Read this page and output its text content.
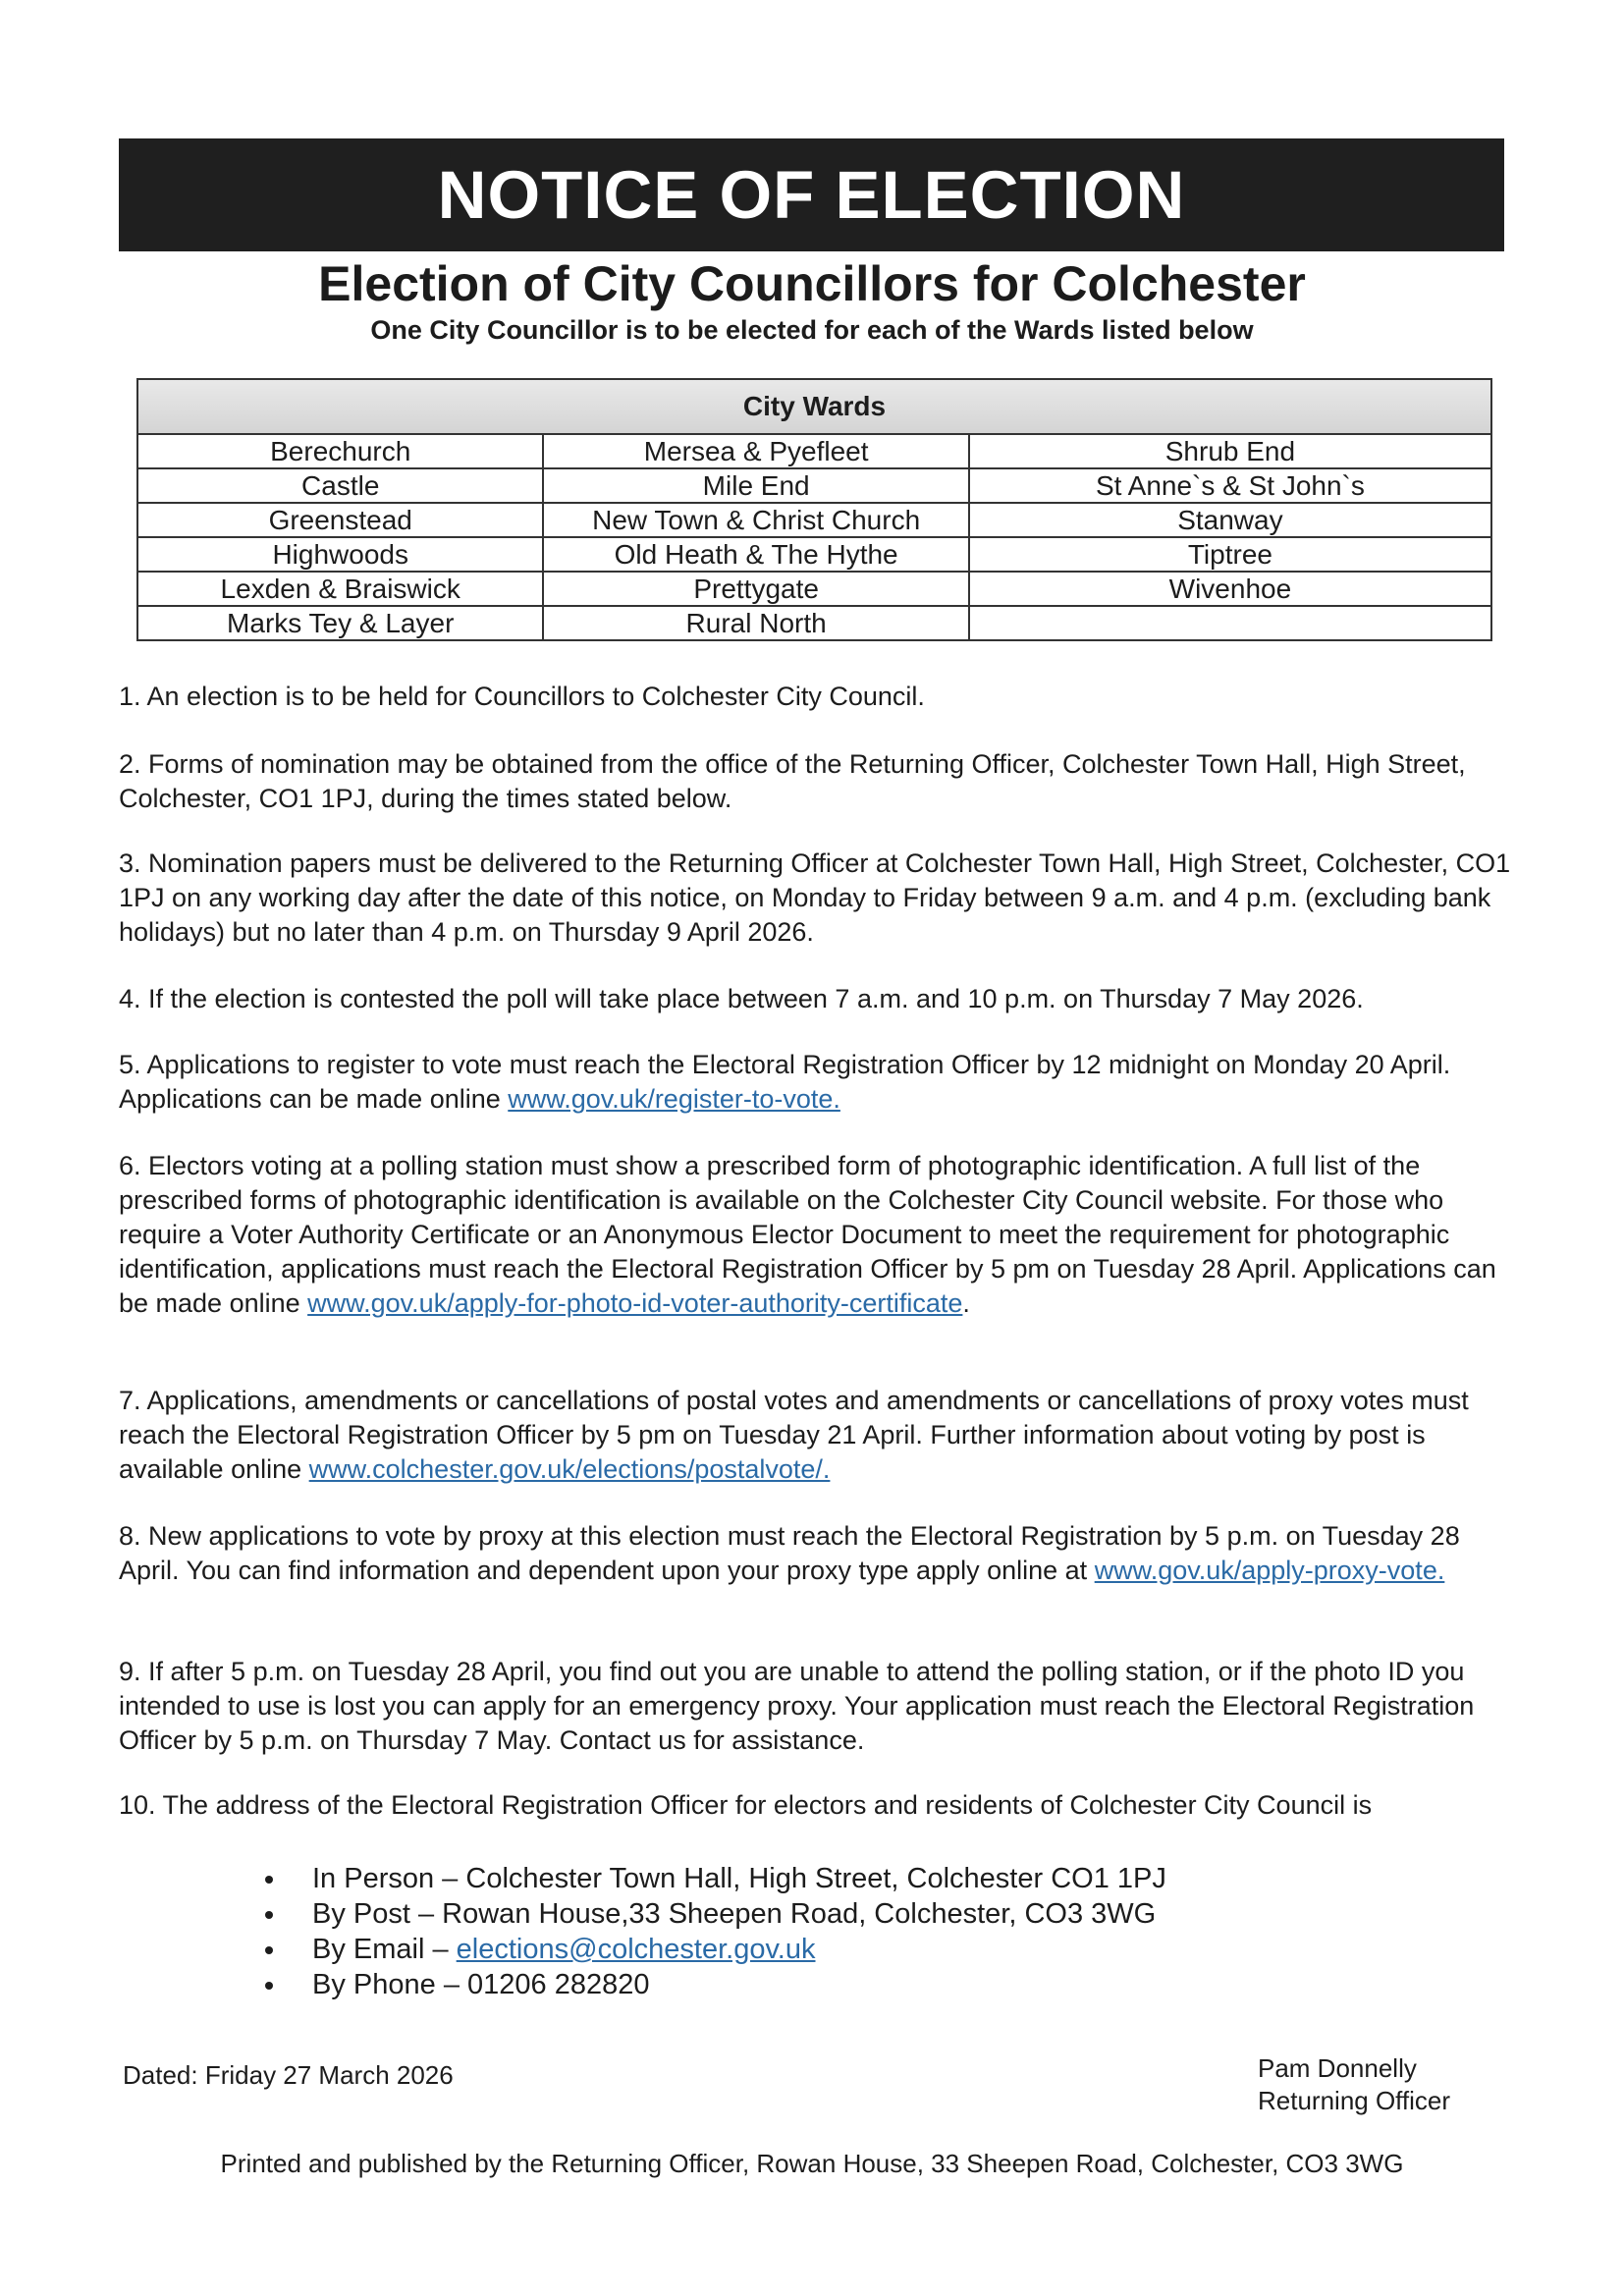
NOTICE OF ELECTION
Election of City Councillors for Colchester

One City Councillor is to be elected for each of the Wards listed below

City Wards		
Berechurch	Mersea & Pyefleet	Shrub End
Castle	Mile End	St Anne`s & St John`s
Greenstead	New Town & Christ Church	Stanway
Highwoods	Old Heath & The Hythe	Tiptree
Lexden & Braiswick	Prettygate	Wivenhoe
Marks Tey & Layer	Rural North	

1. An election is to be held for Councillors to Colchester City Council.

2. Forms of nomination may be obtained from the office of the Returning Officer, Colchester Town Hall, High Street, Colchester, CO1 1PJ, during the times stated below.

3. Nomination papers must be delivered to the Returning Officer at Colchester Town Hall, High Street, Colchester, CO1 1PJ on any working day after the date of this notice, on Monday to Friday between 9 a.m. and 4 p.m. (excluding bank holidays) but no later than 4 p.m. on Thursday 9 April 2026.

4. If the election is contested the poll will take place between 7 a.m. and 10 p.m. on Thursday 7 May 2026.

5. Applications to register to vote must reach the Electoral Registration Officer by 12 midnight on Monday 20 April. Applications can be made online www.gov.uk/register-to-vote.

6. Electors voting at a polling station must show a prescribed form of photographic identification. A full list of the prescribed forms of photographic identification is available on the Colchester City Council website. For those who require a Voter Authority Certificate or an Anonymous Elector Document to meet the requirement for photographic identification, applications must reach the Electoral Registration Officer by 5 pm on Tuesday 28 April. Applications can be made online www.gov.uk/apply-for-photo-id-voter-authority-certificate.

7. Applications, amendments or cancellations of postal votes and amendments or cancellations of proxy votes must reach the Electoral Registration Officer by 5 pm on Tuesday 21 April. Further information about voting by post is available online www.colchester.gov.uk/elections/postalvote/.

8. New applications to vote by proxy at this election must reach the Electoral Registration by 5 p.m. on Tuesday 28 April. You can find information and dependent upon your proxy type apply online at www.gov.uk/apply-proxy-vote.

9. If after 5 p.m. on Tuesday 28 April, you find out you are unable to attend the polling station, or if the photo ID you intended to use is lost you can apply for an emergency proxy. Your application must reach the Electoral Registration Officer by 5 p.m. on Thursday 7 May. Contact us for assistance.

10. The address of the Electoral Registration Officer for electors and residents of Colchester City Council is

In Person – Colchester Town Hall, High Street, Colchester CO1 1PJ
By Post – Rowan House,33 Sheepen Road, Colchester, CO3 3WG
By Email – elections@colchester.gov.uk
By Phone – 01206 282820

Dated: Friday 27 March 2026	Pam Donnelly
Returning Officer

Printed and published by the Returning Officer, Rowan House, 33 Sheepen Road, Colchester, CO3 3WG
